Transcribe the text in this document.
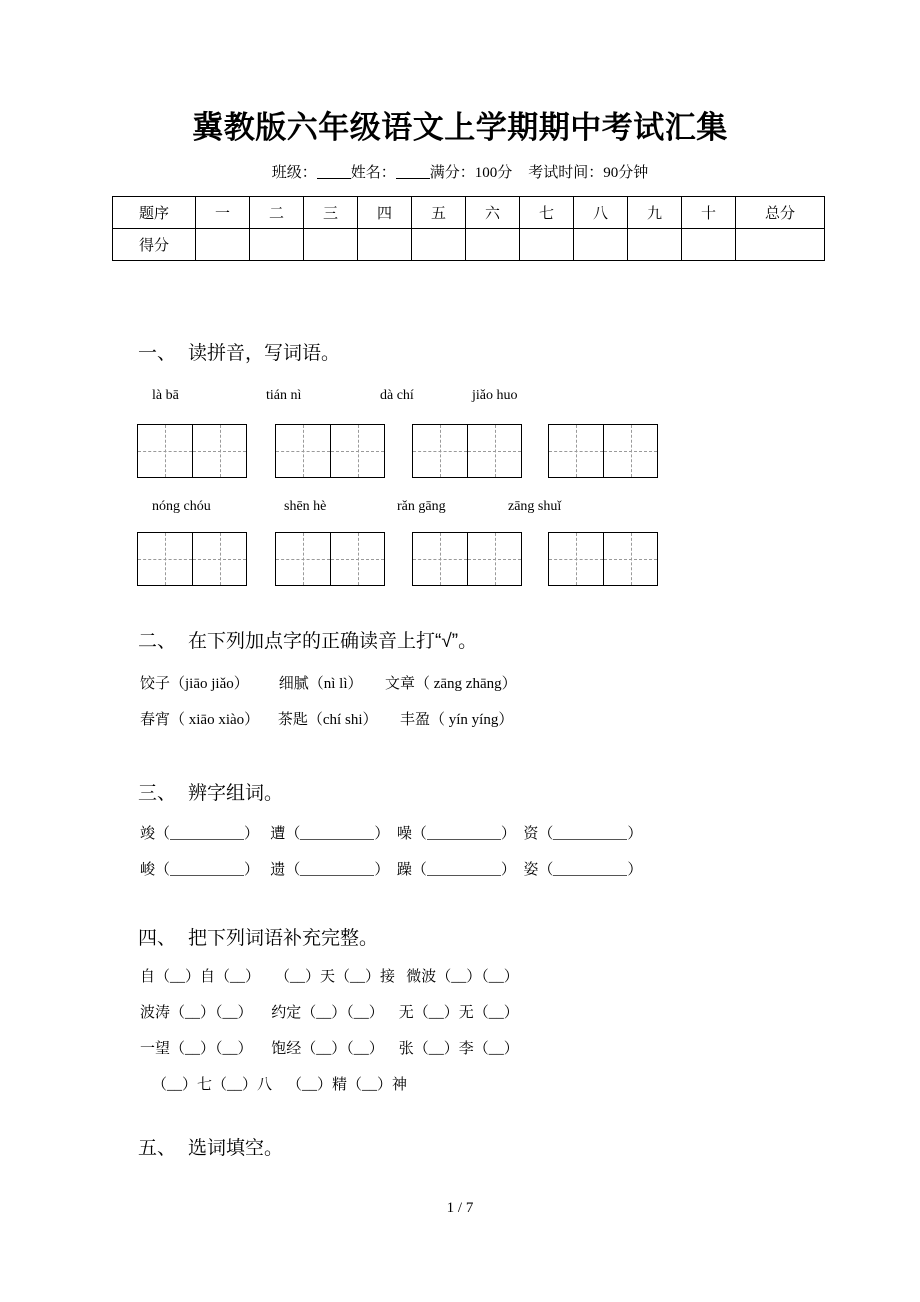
冀教版六年级语文上学期期中考试汇集
班级： 姓名： 满分：100分 考试时间：90分钟
题序	一	二	三	四	五	六	七	八	九	十	总分
得分											
一、 读拼音，写词语。
là bā	tián nì	dà chí	jiǎo huo
nóng chóu	shēn hè	rǎn gāng	zāng shuǐ
二、 在下列加点字的正确读音上打“√”。
饺子（jiāo jiǎo）        细腻（nì lì）      文章（ zāng zhāng）
春宵（ xiāo xiào）     茶匙（chí shi）      丰盈（ yín yíng）
三、 辨字组词。
竣（	）   遭（	）  噪（	）  资（	）
峻（	）   遗（	）  躁（	）  姿（	）
四、 把下列词语补充完整。
自（__）自（__） （__）天（__）接 微波（__）（__）
波涛（__）（__） 约定（__）（__） 无（__）无（__）
一望（__）（__） 饱经（__）（__） 张（__）李（__）
（__）七（__）八 （__）精（__）神
五、 选词填空。
1 / 7
